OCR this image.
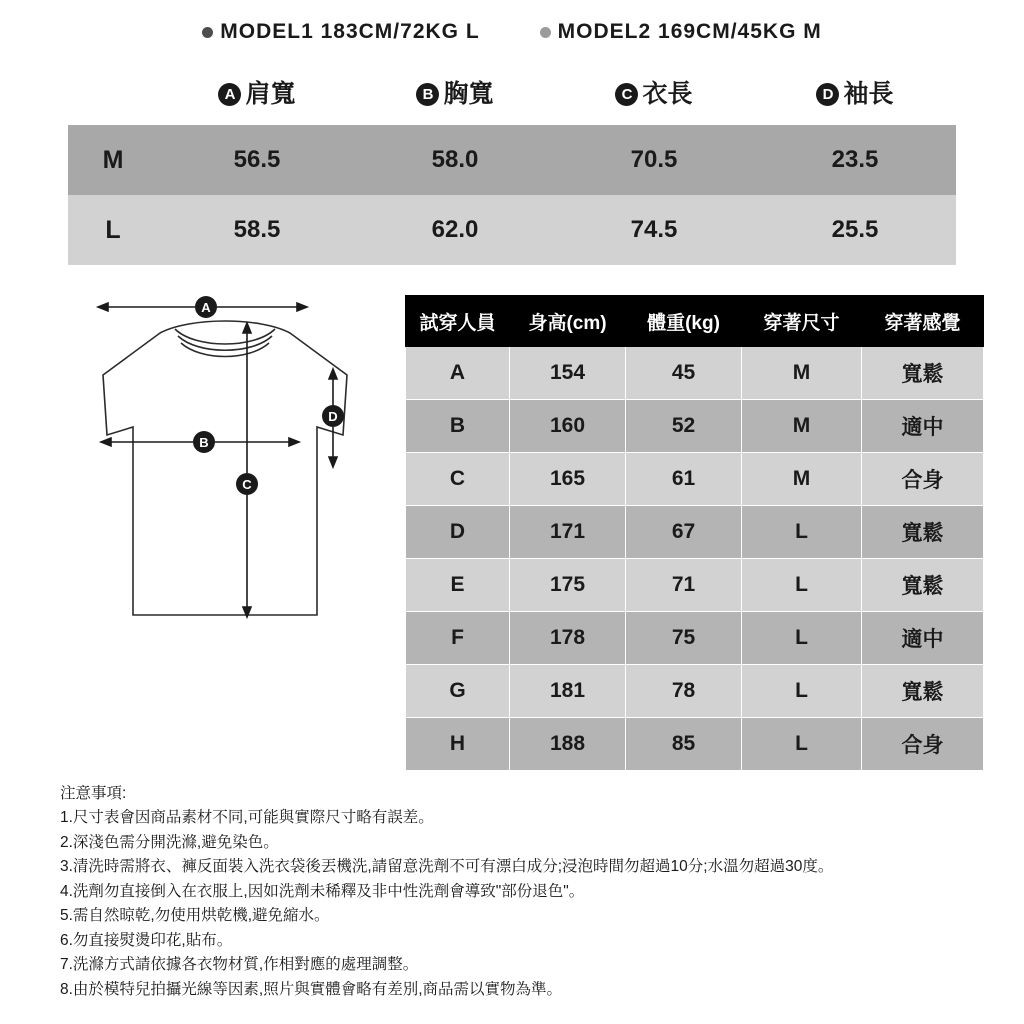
MODEL1 183CM/72KG L	MODEL2 169CM/45KG M
	A 肩寬	B 胸寬	C 衣長	D 袖長
M	56.5	58.0	70.5	23.5
L	58.5	62.0	74.5	25.5
A
B
C
D
試穿人員	身高(cm)	體重(kg)	穿著尺寸	穿著感覺
A	154	45	M	寬鬆
B	160	52	M	適中
C	165	61	M	合身
D	171	67	L	寬鬆
E	175	71	L	寬鬆
F	178	75	L	適中
G	181	78	L	寬鬆
H	188	85	L	合身
注意事項:
1.尺寸表會因商品素材不同,可能與實際尺寸略有誤差。
2.深淺色需分開洗滌,避免染色。
3.清洗時需將衣、褲反面裝入洗衣袋後丟機洗,請留意洗劑不可有漂白成分;浸泡時間勿超過10分;水溫勿超過30度。
4.洗劑勿直接倒入在衣服上,因如洗劑未稀釋及非中性洗劑會導致"部份退色"。
5.需自然晾乾,勿使用烘乾機,避免縮水。
6.勿直接熨燙印花,貼布。
7.洗滌方式請依據各衣物材質,作相對應的處理調整。
8.由於模特兒拍攝光線等因素,照片與實體會略有差別,商品需以實物為準。
